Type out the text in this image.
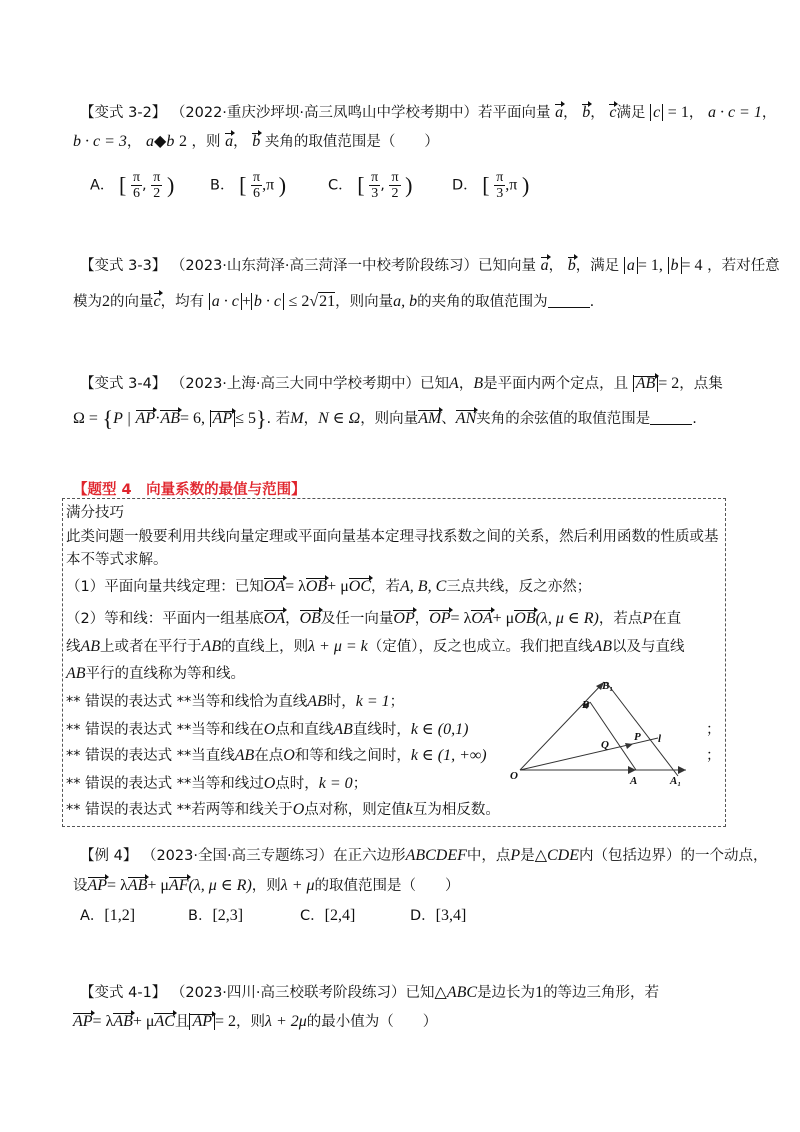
【变式 3-2】 （2022·重庆沙坪坝·高三凤鸣山中学校考期中）若平面向量 a， b， c满足 c = 1， a · c = 1，
b · c = 3， a◆b 2 ，则 a， b 夹角的取值范围是（　　）
A． [ $\frac{\pi}{6}$ , $\frac{\pi}{2}$ ) B． [ $\frac{\pi}{6} ,\pi$ )	C． [ $\frac{\pi}{3}$ , $\frac{\pi}{2}$ )	D． [ $\frac{\pi}{3} ,\pi$ )
【变式 3-3】 （2023·山东菏泽·高三菏泽一中校考阶段练习）已知向量 a， b，满足 a = 1, b = 4 ，若对任意
模为2的向量c，均有 a · c + b · c ≤ 2√21，则向量a, b的夹角的取值范围为	.
【变式 3-4】 （2023·上海·高三大同中学校考期中）已知A，B是平面内两个定点，且 AB = 2，点集
Ω = {P | AP·AB= 6, AP ≤ 5}. 若M，N ∈ Ω，则向量AM、AN夹角的余弦值的取值范围是	.
【题型 4　向量系数的最值与范围】
满分技巧
此类问题一般要利用共线向量定理或平面向量基本定理寻找系数之间的关系，然后利用函数的性质或基
本不等式求解。
（1）平面向量共线定理：已知OA= λOB+ μOC，若A, B, C三点共线，反之亦然；
（2）等和线：平面内一组基底OA，OB及任一向量OP，OP= λOA+ μOB(λ, μ ∈ R)，若点P在直
线AB上或者在平行于AB的直线上，则λ + μ = k（定值），反之也成立。我们把直线AB以及与直线
AB平行的直线称为等和线。
** 错误的表达式 **当等和线恰为直线AB时，k = 1；
** 错误的表达式 **当等和线在O点和直线AB直线时，k ∈ (0,1)	；
** 错误的表达式 **当直线AB在点O和等和线之间时，k ∈ (1, +∞)	；
** 错误的表达式 **当等和线过O点时，k = 0；
** 错误的表达式 **若两等和线关于O点对称，则定值k互为相反数。
B₁
B
Q
P l
O	A	A₁
【例 4】 （2023·全国·高三专题练习）在正六边形ABCDEF中，点P是△CDE内（包括边界）的一个动点，
设AP= λAB+ μAF(λ, μ ∈ R)，则λ + μ的取值范围是（　　）
A．[1,2]	B．[2,3]	C．[2,4]	D．[3,4]
【变式 4-1】 （2023·四川·高三校联考阶段练习）已知△ABC是边长为1的等边三角形，若
AP= λAB+ μAC且 AP = 2，则λ + 2μ的最小值为（　　）
